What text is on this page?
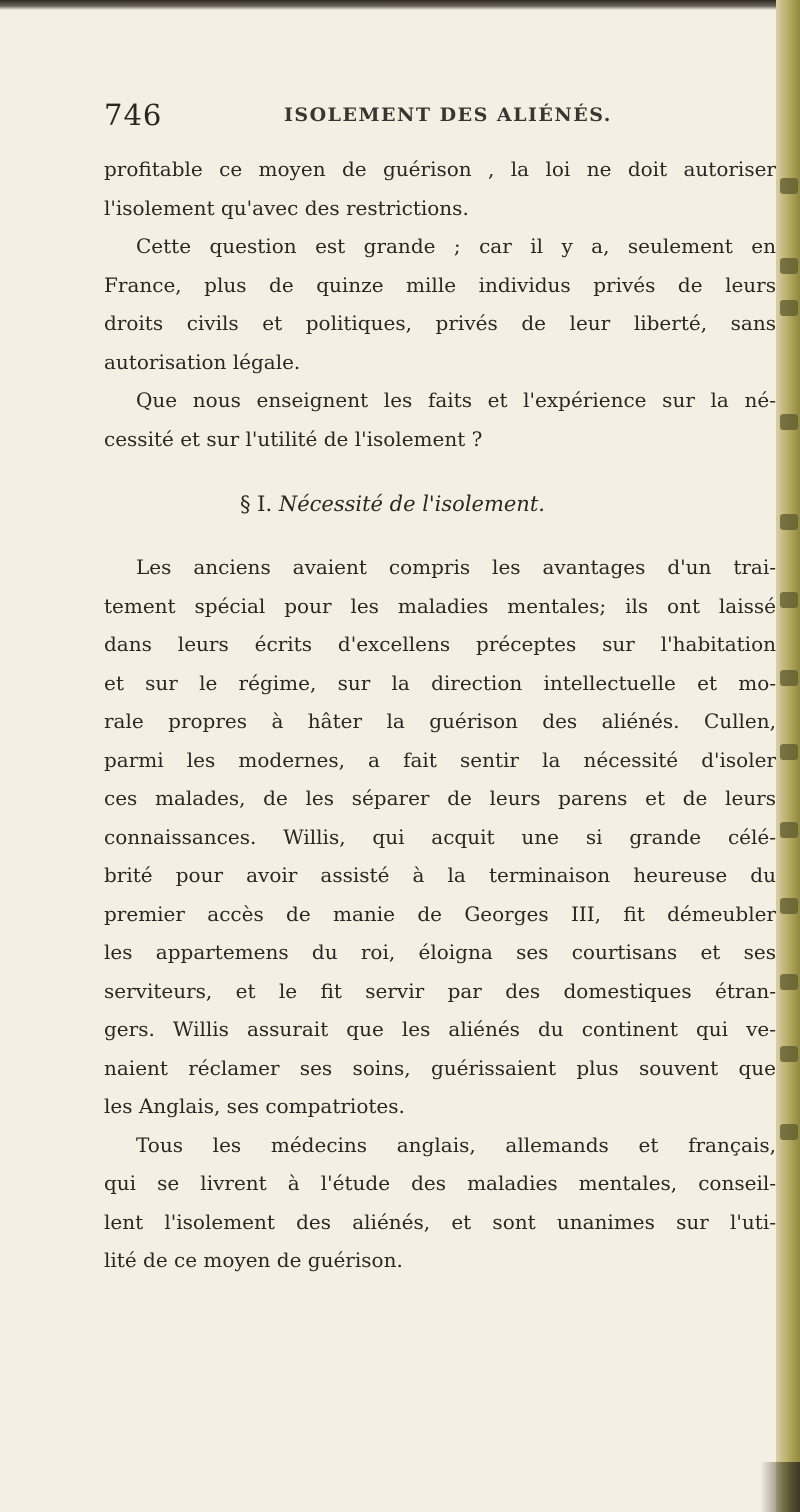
746	ISOLEMENT DES ALIÉNÉS.
profitable ce moyen de guérison , la loi ne doit autoriser
l'isolement qu'avec des restrictions.
Cette question est grande ; car il y a, seulement en
France, plus de quinze mille individus privés de leurs
droits civils et politiques, privés de leur liberté, sans
autorisation légale.
Que nous enseignent les faits et l'expérience sur la né-
cessité et sur l'utilité de l'isolement ?
§ I. Nécessité de l'isolement.
Les anciens avaient compris les avantages d'un trai-
tement spécial pour les maladies mentales; ils ont laissé
dans leurs écrits d'excellens préceptes sur l'habitation
et sur le régime, sur la direction intellectuelle et mo-
rale propres à hâter la guérison des aliénés. Cullen,
parmi les modernes, a fait sentir la nécessité d'isoler
ces malades, de les séparer de leurs parens et de leurs
connaissances. Willis, qui acquit une si grande célé-
brité pour avoir assisté à la terminaison heureuse du
premier accès de manie de Georges III, fit démeubler
les appartemens du roi, éloigna ses courtisans et ses
serviteurs, et le fit servir par des domestiques étran-
gers. Willis assurait que les aliénés du continent qui ve-
naient réclamer ses soins, guérissaient plus souvent que
les Anglais, ses compatriotes.
Tous les médecins anglais, allemands et français,
qui se livrent à l'étude des maladies mentales, conseil-
lent l'isolement des aliénés, et sont unanimes sur l'uti-
lité de ce moyen de guérison.
